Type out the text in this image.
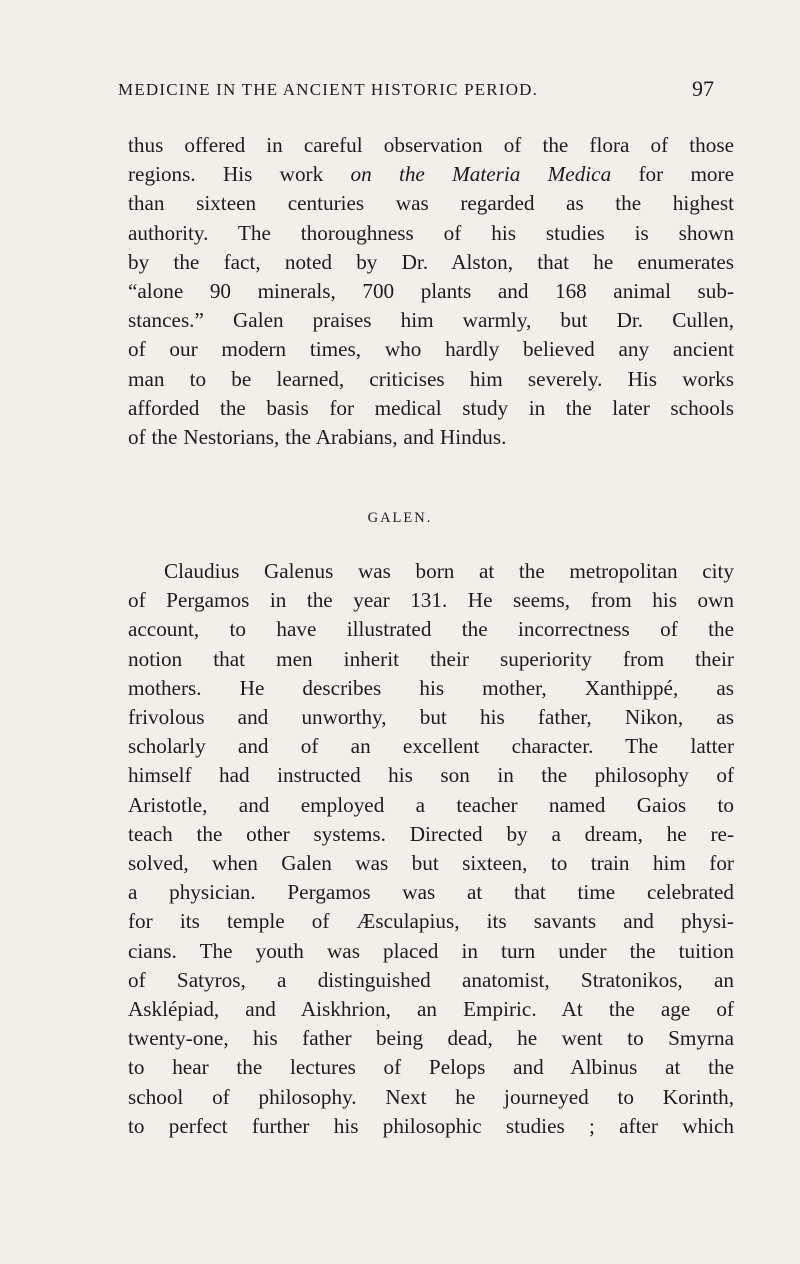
MEDICINE IN THE ANCIENT HISTORIC PERIOD.	97

thus offered in careful observation of the flora of those
regions. His work on the Materia Medica for more
than sixteen centuries was regarded as the highest
authority. The thoroughness of his studies is shown
by the fact, noted by Dr. Alston, that he enumerates
“alone 90 minerals, 700 plants and 168 animal sub-
stances.” Galen praises him warmly, but Dr. Cullen,
of our modern times, who hardly believed any ancient
man to be learned, criticises him severely. His works
afforded the basis for medical study in the later schools
of the Nestorians, the Arabians, and Hindus.

GALEN.

Claudius Galenus was born at the metropolitan city
of Pergamos in the year 131. He seems, from his own
account, to have illustrated the incorrectness of the
notion that men inherit their superiority from their
mothers. He describes his mother, Xanthippé, as
frivolous and unworthy, but his father, Nikon, as
scholarly and of an excellent character. The latter
himself had instructed his son in the philosophy of
Aristotle, and employed a teacher named Gaios to
teach the other systems. Directed by a dream, he re-
solved, when Galen was but sixteen, to train him for
a physician. Pergamos was at that time celebrated
for its temple of Æsculapius, its savants and physi-
cians. The youth was placed in turn under the tuition
of Satyros, a distinguished anatomist, Stratonikos, an
Asklépiad, and Aiskhrion, an Empiric. At the age of
twenty-one, his father being dead, he went to Smyrna
to hear the lectures of Pelops and Albinus at the
school of philosophy. Next he journeyed to Korinth,
to perfect further his philosophic studies ; after which
